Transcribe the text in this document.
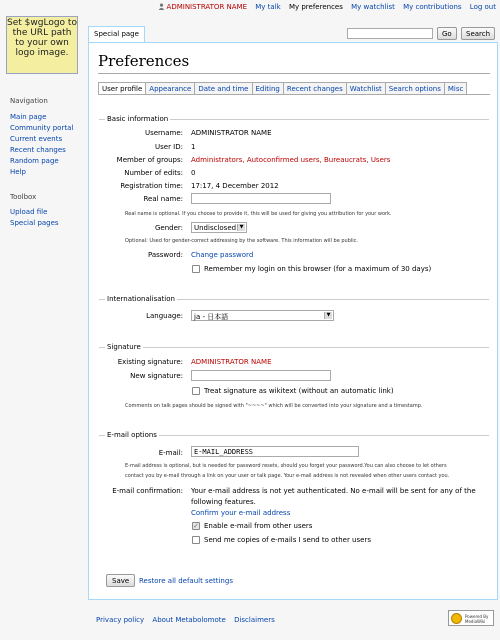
Set $wgLogo to the URL path to your own logo image.
ADMINISTRATOR NAME My talk My preferences My watchlist My contributions Log out
Special page	Go	Search
Navigation
Main page
Community portal
Current events
Recent changes
Random page
Help
Toolbox
Upload file
Special pages
Preferences
User profile	Appearance	Date and time	Editing	Recent changes	Watchlist	Search options	Misc
Basic information
Username: ADMINISTRATOR NAME
User ID: 1
Member of groups: Administrators, Autoconfirmed users, Bureaucrats, Users
Number of edits: 0
Registration time: 17:17, 4 December 2012
Real name:
Real name is optional. If you choose to provide it, this will be used for giving you attribution for your work.
Gender:	Undisclosed ▼
Optional: Used for gender-correct addressing by the software. This information will be public.
Password: Change password
Remember my login on this browser (for a maximum of 30 days)
Internationalisation
Language:	ja - 日本語	▼
Signature
Existing signature: ADMINISTRATOR NAME
New signature:
Treat signature as wikitext (without an automatic link)
Comments on talk pages should be signed with "~~~~" which will be converted into your signature and a timestamp.
E-mail options
E-mail:
E-MAIL_ADDRESS
E-mail address is optional, but is needed for password resets, should you forget your password.You can also choose to let others
contact you by e-mail through a link on your user or talk page. Your e-mail address is not revealed when other users contact you.
E-mail confirmation: Your e-mail address is not yet authenticated. No e-mail will be sent for any of the
following features.
Confirm your e-mail address
✓ Enable e-mail from other users
Send me copies of e-mails I send to other users
Save	Restore all default settings
Privacy policy About Metabolomote Disclaimers	Powered By MediaWiki
